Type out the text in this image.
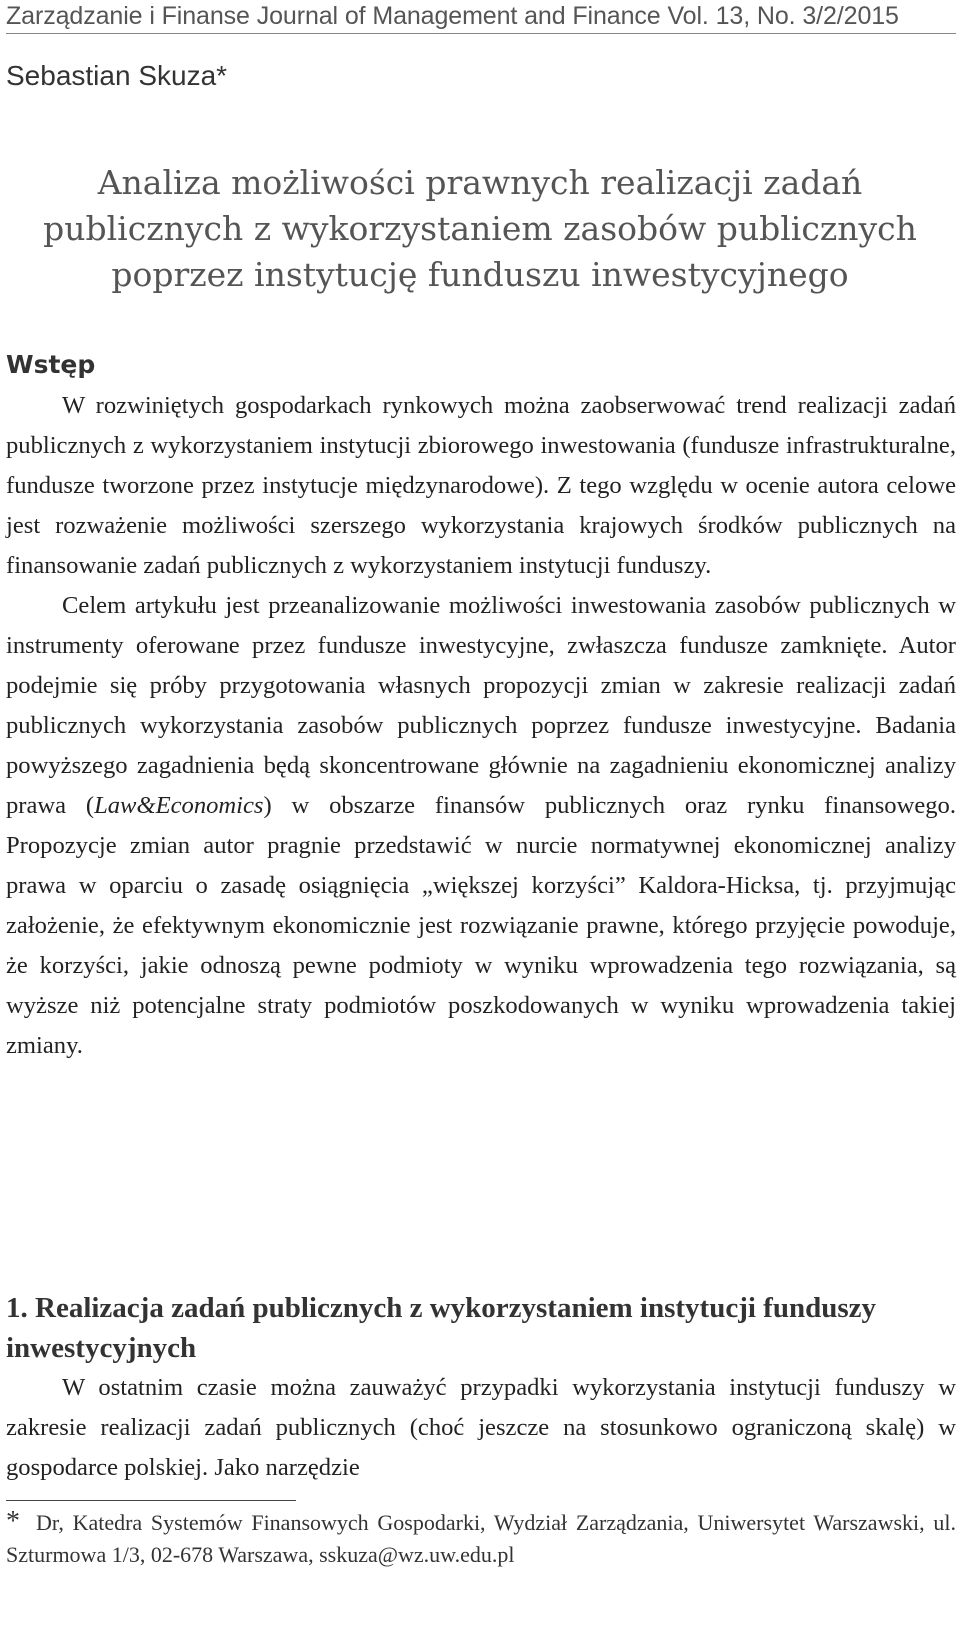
Zarządzanie i Finanse Journal of Management and Finance Vol. 13, No. 3/2/2015
Sebastian Skuza*
Analiza możliwości prawnych realizacji zadań
publicznych z wykorzystaniem zasobów publicznych
poprzez instytucję funduszu inwestycyjnego
Wstęp

W rozwiniętych gospodarkach rynkowych można zaobserwować trend realizacji zadań publicznych z wykorzystaniem instytucji zbiorowego inwestowania (fundusze infrastrukturalne, fundusze tworzone przez instytucje międzynarodowe). Z tego względu w ocenie autora celowe jest rozważenie możliwości szerszego wykorzystania krajowych środków publicznych na finansowanie zadań publicznych z wykorzystaniem instytucji funduszy.

Celem artykułu jest przeanalizowanie możliwości inwestowania zasobów publicznych w instrumenty oferowane przez fundusze inwestycyjne, zwłaszcza fundusze zamknięte. Autor podejmie się próby przygotowania własnych propozycji zmian w zakresie realizacji zadań publicznych wykorzystania zasobów publicznych poprzez fundusze inwestycyjne. Badania powyższego zagadnienia będą skoncentrowane głównie na zagadnieniu ekonomicznej analizy prawa (Law&Economics) w obszarze finansów publicznych oraz rynku finansowego. Propozycje zmian autor pragnie przedstawić w nurcie normatywnej ekonomicznej analizy prawa w oparciu o zasadę osiągnięcia „większej korzyści” Kaldora-Hicksa, tj. przyjmując założenie, że efektywnym ekonomicznie jest rozwiązanie prawne, którego przyjęcie powoduje, że korzyści, jakie odnoszą pewne podmioty w wyniku wprowadzenia tego rozwiązania, są wyższe niż potencjalne straty podmiotów poszkodowanych w wyniku wprowadzenia takiej zmiany.

1. Realizacja zadań publicznych z wykorzystaniem instytucji funduszy inwestycyjnych

W ostatnim czasie można zauważyć przypadki wykorzystania instytucji funduszy w zakresie realizacji zadań publicznych (choć jeszcze na stosunkowo ograniczoną skalę) w gospodarce polskiej. Jako narzędzie

* Dr, Katedra Systemów Finansowych Gospodarki, Wydział Zarządzania, Uniwersytet Warszawski, ul. Szturmowa 1/3, 02-678 Warszawa, sskuza@wz.uw.edu.pl
